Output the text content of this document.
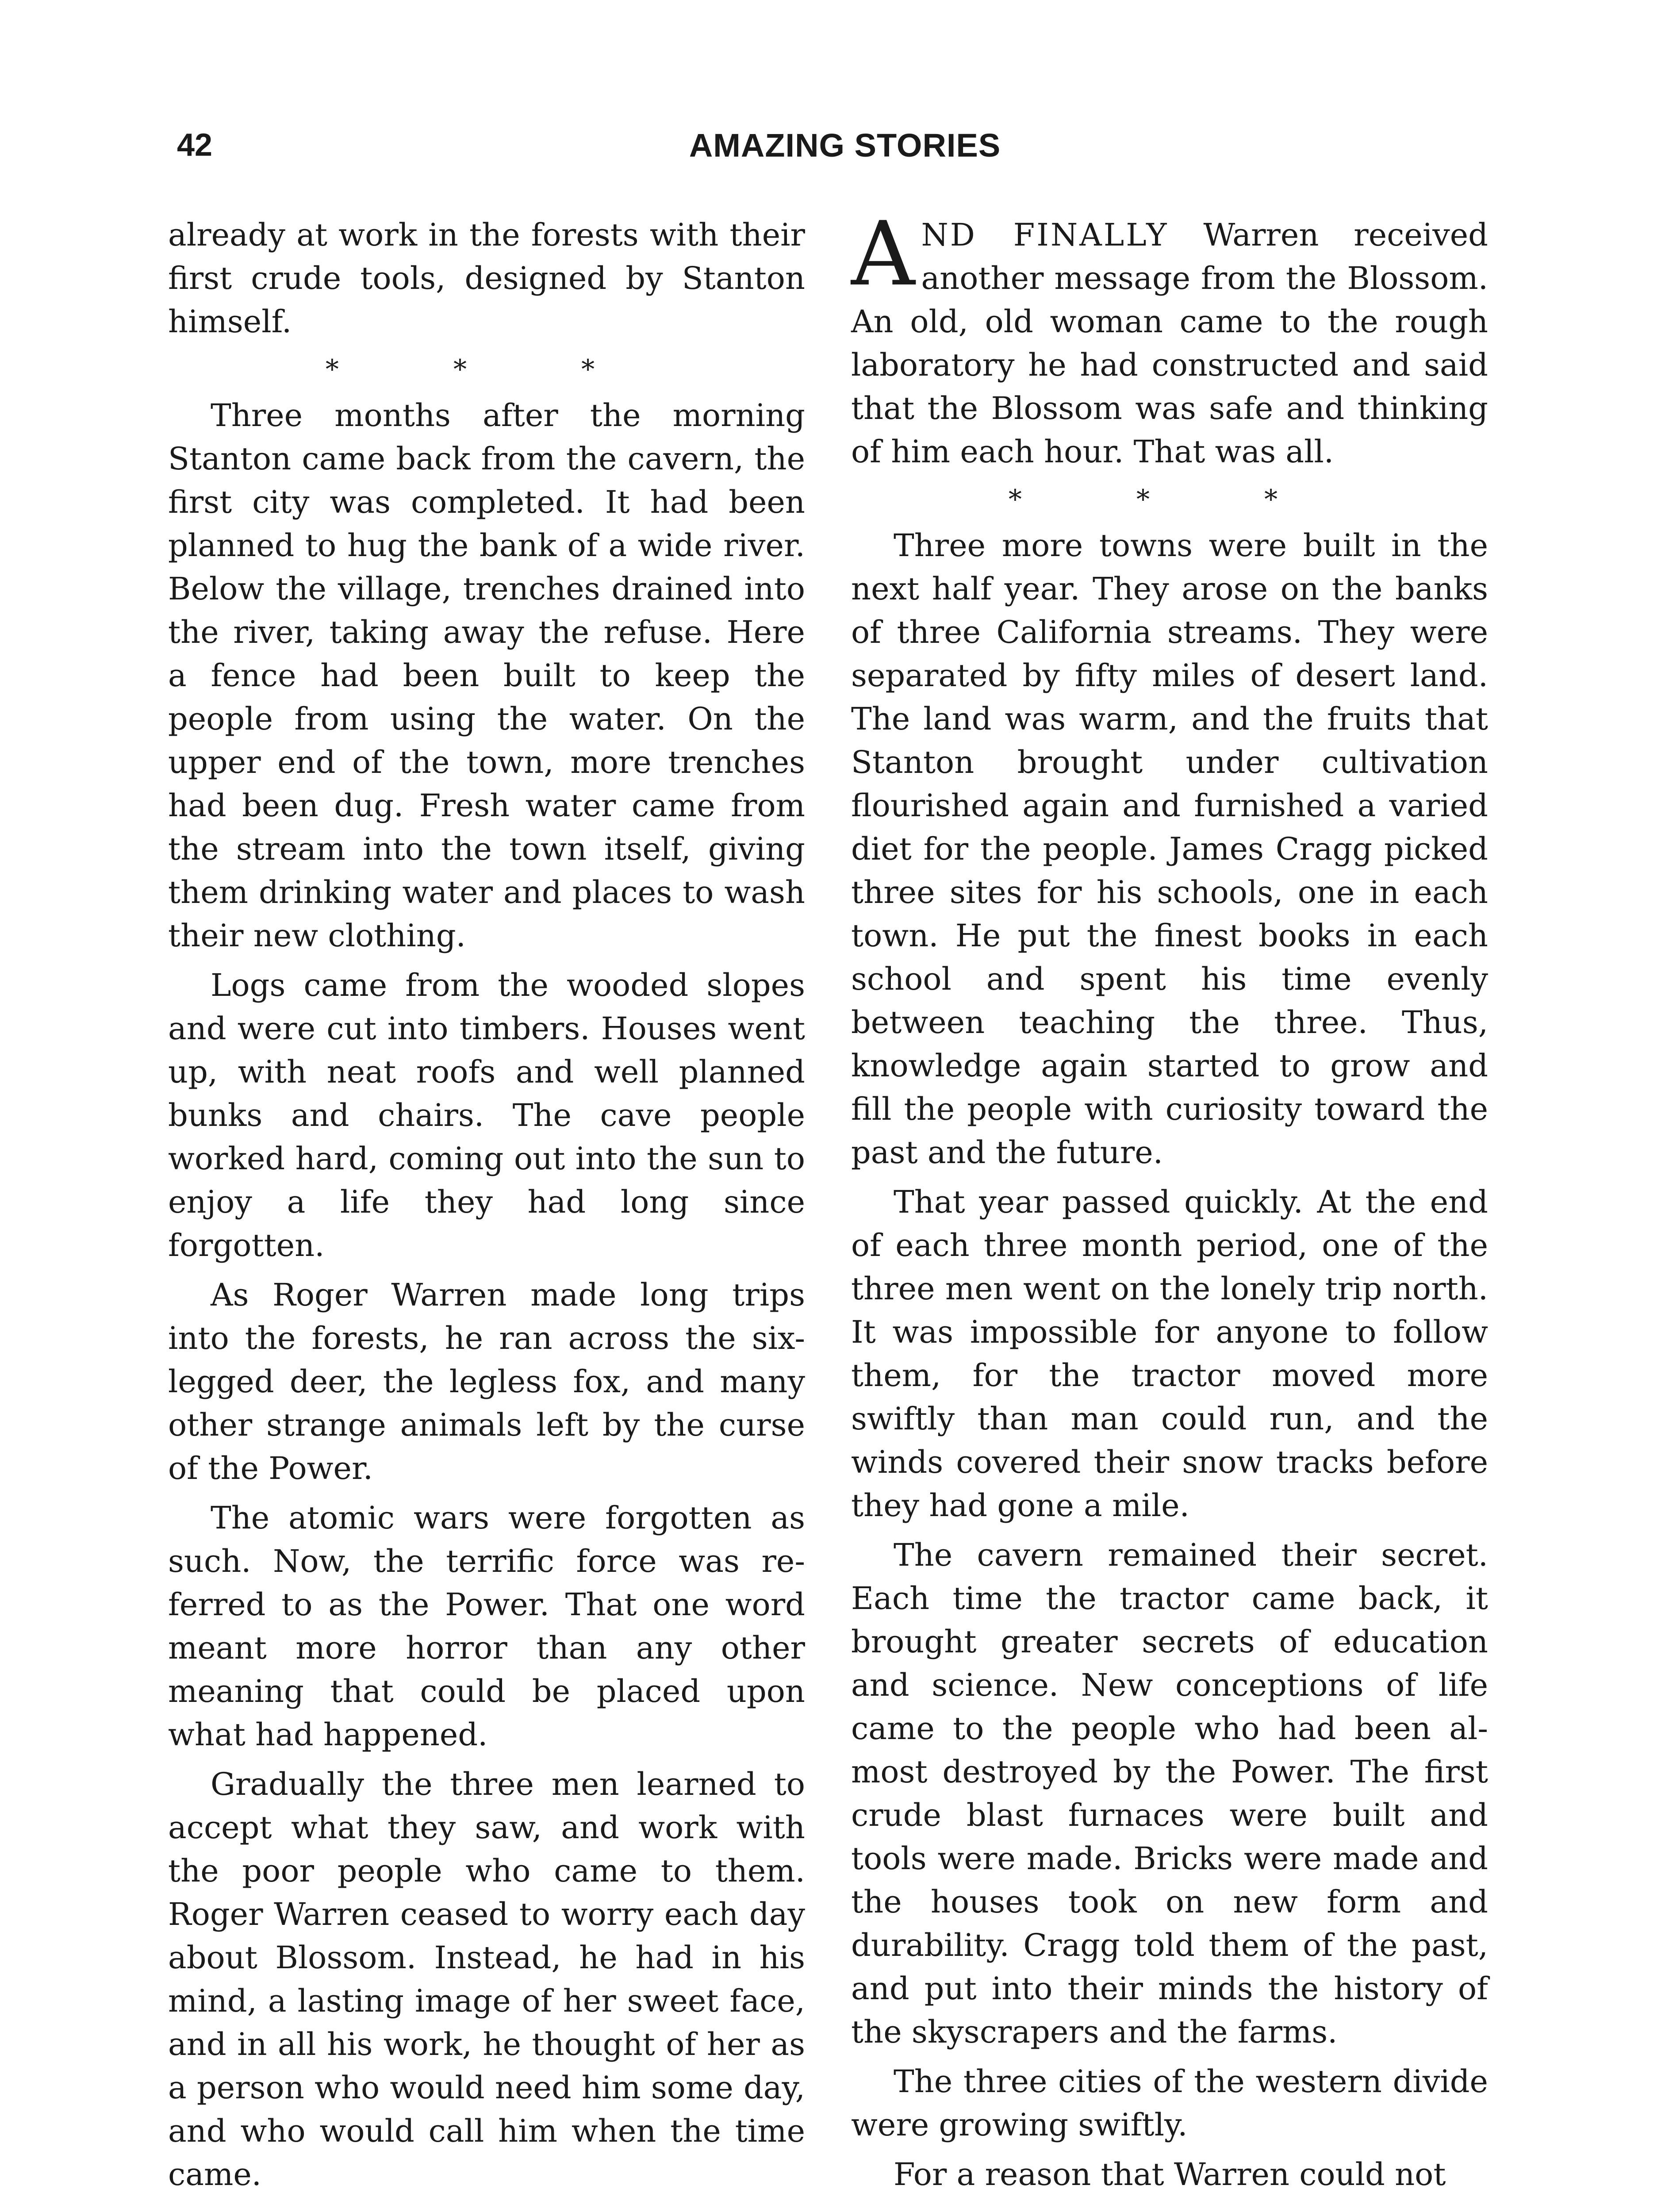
42	AMAZING STORIES

already at work in the forests with their first crude tools, designed by Stanton himself.

* * *

Three months after the morning Stanton came back from the cavern, the first city was completed. It had been planned to hug the bank of a wide river. Below the village, trenches drained into the river, taking away the refuse. Here a fence had been built to keep the people from using the water. On the upper end of the town, more trenches had been dug. Fresh water came from the stream into the town itself, giving them drinking water and places to wash their new clothing.

Logs came from the wooded slopes and were cut into timbers. Houses went up, with neat roofs and well planned bunks and chairs. The cave people worked hard, coming out into the sun to enjoy a life they had long since forgotten.

As Roger Warren made long trips into the forests, he ran across the six-legged deer, the legless fox, and many other strange animals left by the curse of the Power.

The atomic wars were forgotten as such. Now, the terrific force was referred to as the Power. That one word meant more horror than any other meaning that could be placed upon what had happened.

Gradually the three men learned to accept what they saw, and work with the poor people who came to them. Roger Warren ceased to worry each day about Blossom. Instead, he had in his mind, a lasting image of her sweet face, and in all his work, he thought of her as a person who would need him some day, and who would call him when the time came.

AND FINALLY Warren received another message from the Blossom. An old, old woman came to the rough laboratory he had constructed and said that the Blossom was safe and thinking of him each hour. That was all.

* * *

Three more towns were built in the next half year. They arose on the banks of three California streams. They were separated by fifty miles of desert land. The land was warm, and the fruits that Stanton brought under cultivation flourished again and furnished a varied diet for the people. James Cragg picked three sites for his schools, one in each town. He put the finest books in each school and spent his time evenly between teaching the three. Thus, knowledge again started to grow and fill the people with curiosity toward the past and the future.

That year passed quickly. At the end of each three month period, one of the three men went on the lonely trip north. It was impossible for anyone to follow them, for the tractor moved more swiftly than man could run, and the winds covered their snow tracks before they had gone a mile.

The cavern remained their secret. Each time the tractor came back, it brought greater secrets of education and science. New conceptions of life came to the people who had been almost destroyed by the Power. The first crude blast furnaces were built and tools were made. Bricks were made and the houses took on new form and durability. Cragg told them of the past, and put into their minds the history of the skyscrapers and the farms.

The three cities of the western divide were growing swiftly.

For a reason that Warren could not
